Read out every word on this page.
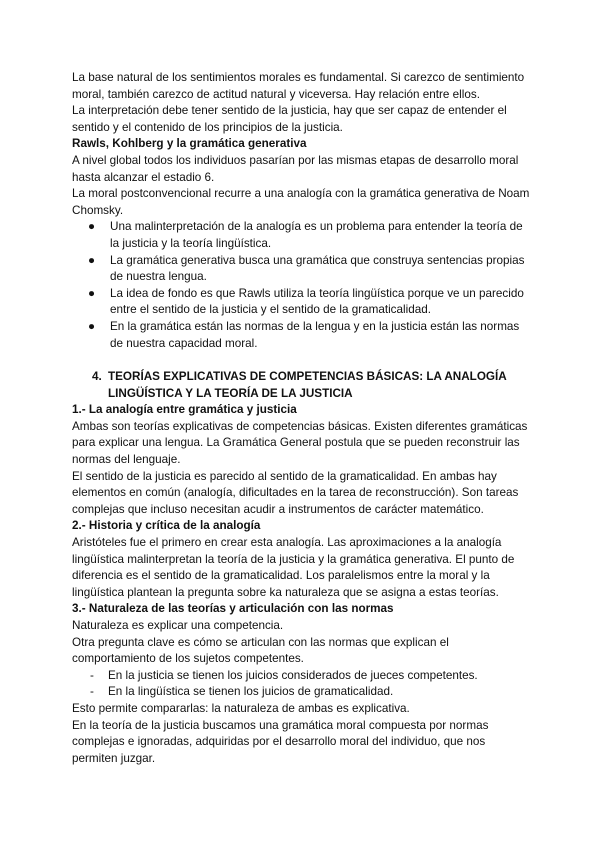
La base natural de los sentimientos morales es fundamental. Si carezco de sentimiento moral, también carezco de actitud natural y viceversa. Hay relación entre ellos.

La interpretación debe tener sentido de la justicia, hay que ser capaz de entender el sentido y el contenido de los principios de la justicia.

Rawls, Kohlberg y la gramática generativa

A nivel global todos los individuos pasarían por las mismas etapas de desarrollo moral hasta alcanzar el estadio 6.

La moral postconvencional recurre a una analogía con la gramática generativa de Noam Chomsky.

● Una malinterpretación de la analogía es un problema para entender la teoría de la justicia y la teoría lingüística.
● La gramática generativa busca una gramática que construya sentencias propias de nuestra lengua.
● La idea de fondo es que Rawls utiliza la teoría lingüística porque ve un parecido entre el sentido de la justicia y el sentido de la gramaticalidad.
● En la gramática están las normas de la lengua y en la justicia están las normas de nuestra capacidad moral.
4. TEORÍAS EXPLICATIVAS DE COMPETENCIAS BÁSICAS: LA ANALOGÍA LINGÜÍSTICA Y LA TEORÍA DE LA JUSTICIA

1.- La analogía entre gramática y justicia

Ambas son teorías explicativas de competencias básicas. Existen diferentes gramáticas para explicar una lengua. La Gramática General postula que se pueden reconstruir las normas del lenguaje.

El sentido de la justicia es parecido al sentido de la gramaticalidad. En ambas hay elementos en común (analogía, dificultades en la tarea de reconstrucción). Son tareas complejas que incluso necesitan acudir a instrumentos de carácter matemático.

2.- Historia y crítica de la analogía

Aristóteles fue el primero en crear esta analogía. Las aproximaciones a la analogía lingüística malinterpretan la teoría de la justicia y la gramática generativa. El punto de diferencia es el sentido de la gramaticalidad. Los paralelismos entre la moral y la lingüística plantean la pregunta sobre ka naturaleza que se asigna a estas teorías.

3.- Naturaleza de las teorías y articulación con las normas

Naturaleza es explicar una competencia.

Otra pregunta clave es cómo se articulan con las normas que explican el comportamiento de los sujetos competentes.

- En la justicia se tienen los juicios considerados de jueces competentes.
- En la lingüística se tienen los juicios de gramaticalidad.

Esto permite compararlas: la naturaleza de ambas es explicativa.

En la teoría de la justicia buscamos una gramática moral compuesta por normas complejas e ignoradas, adquiridas por el desarrollo moral del individuo, que nos permiten juzgar.
